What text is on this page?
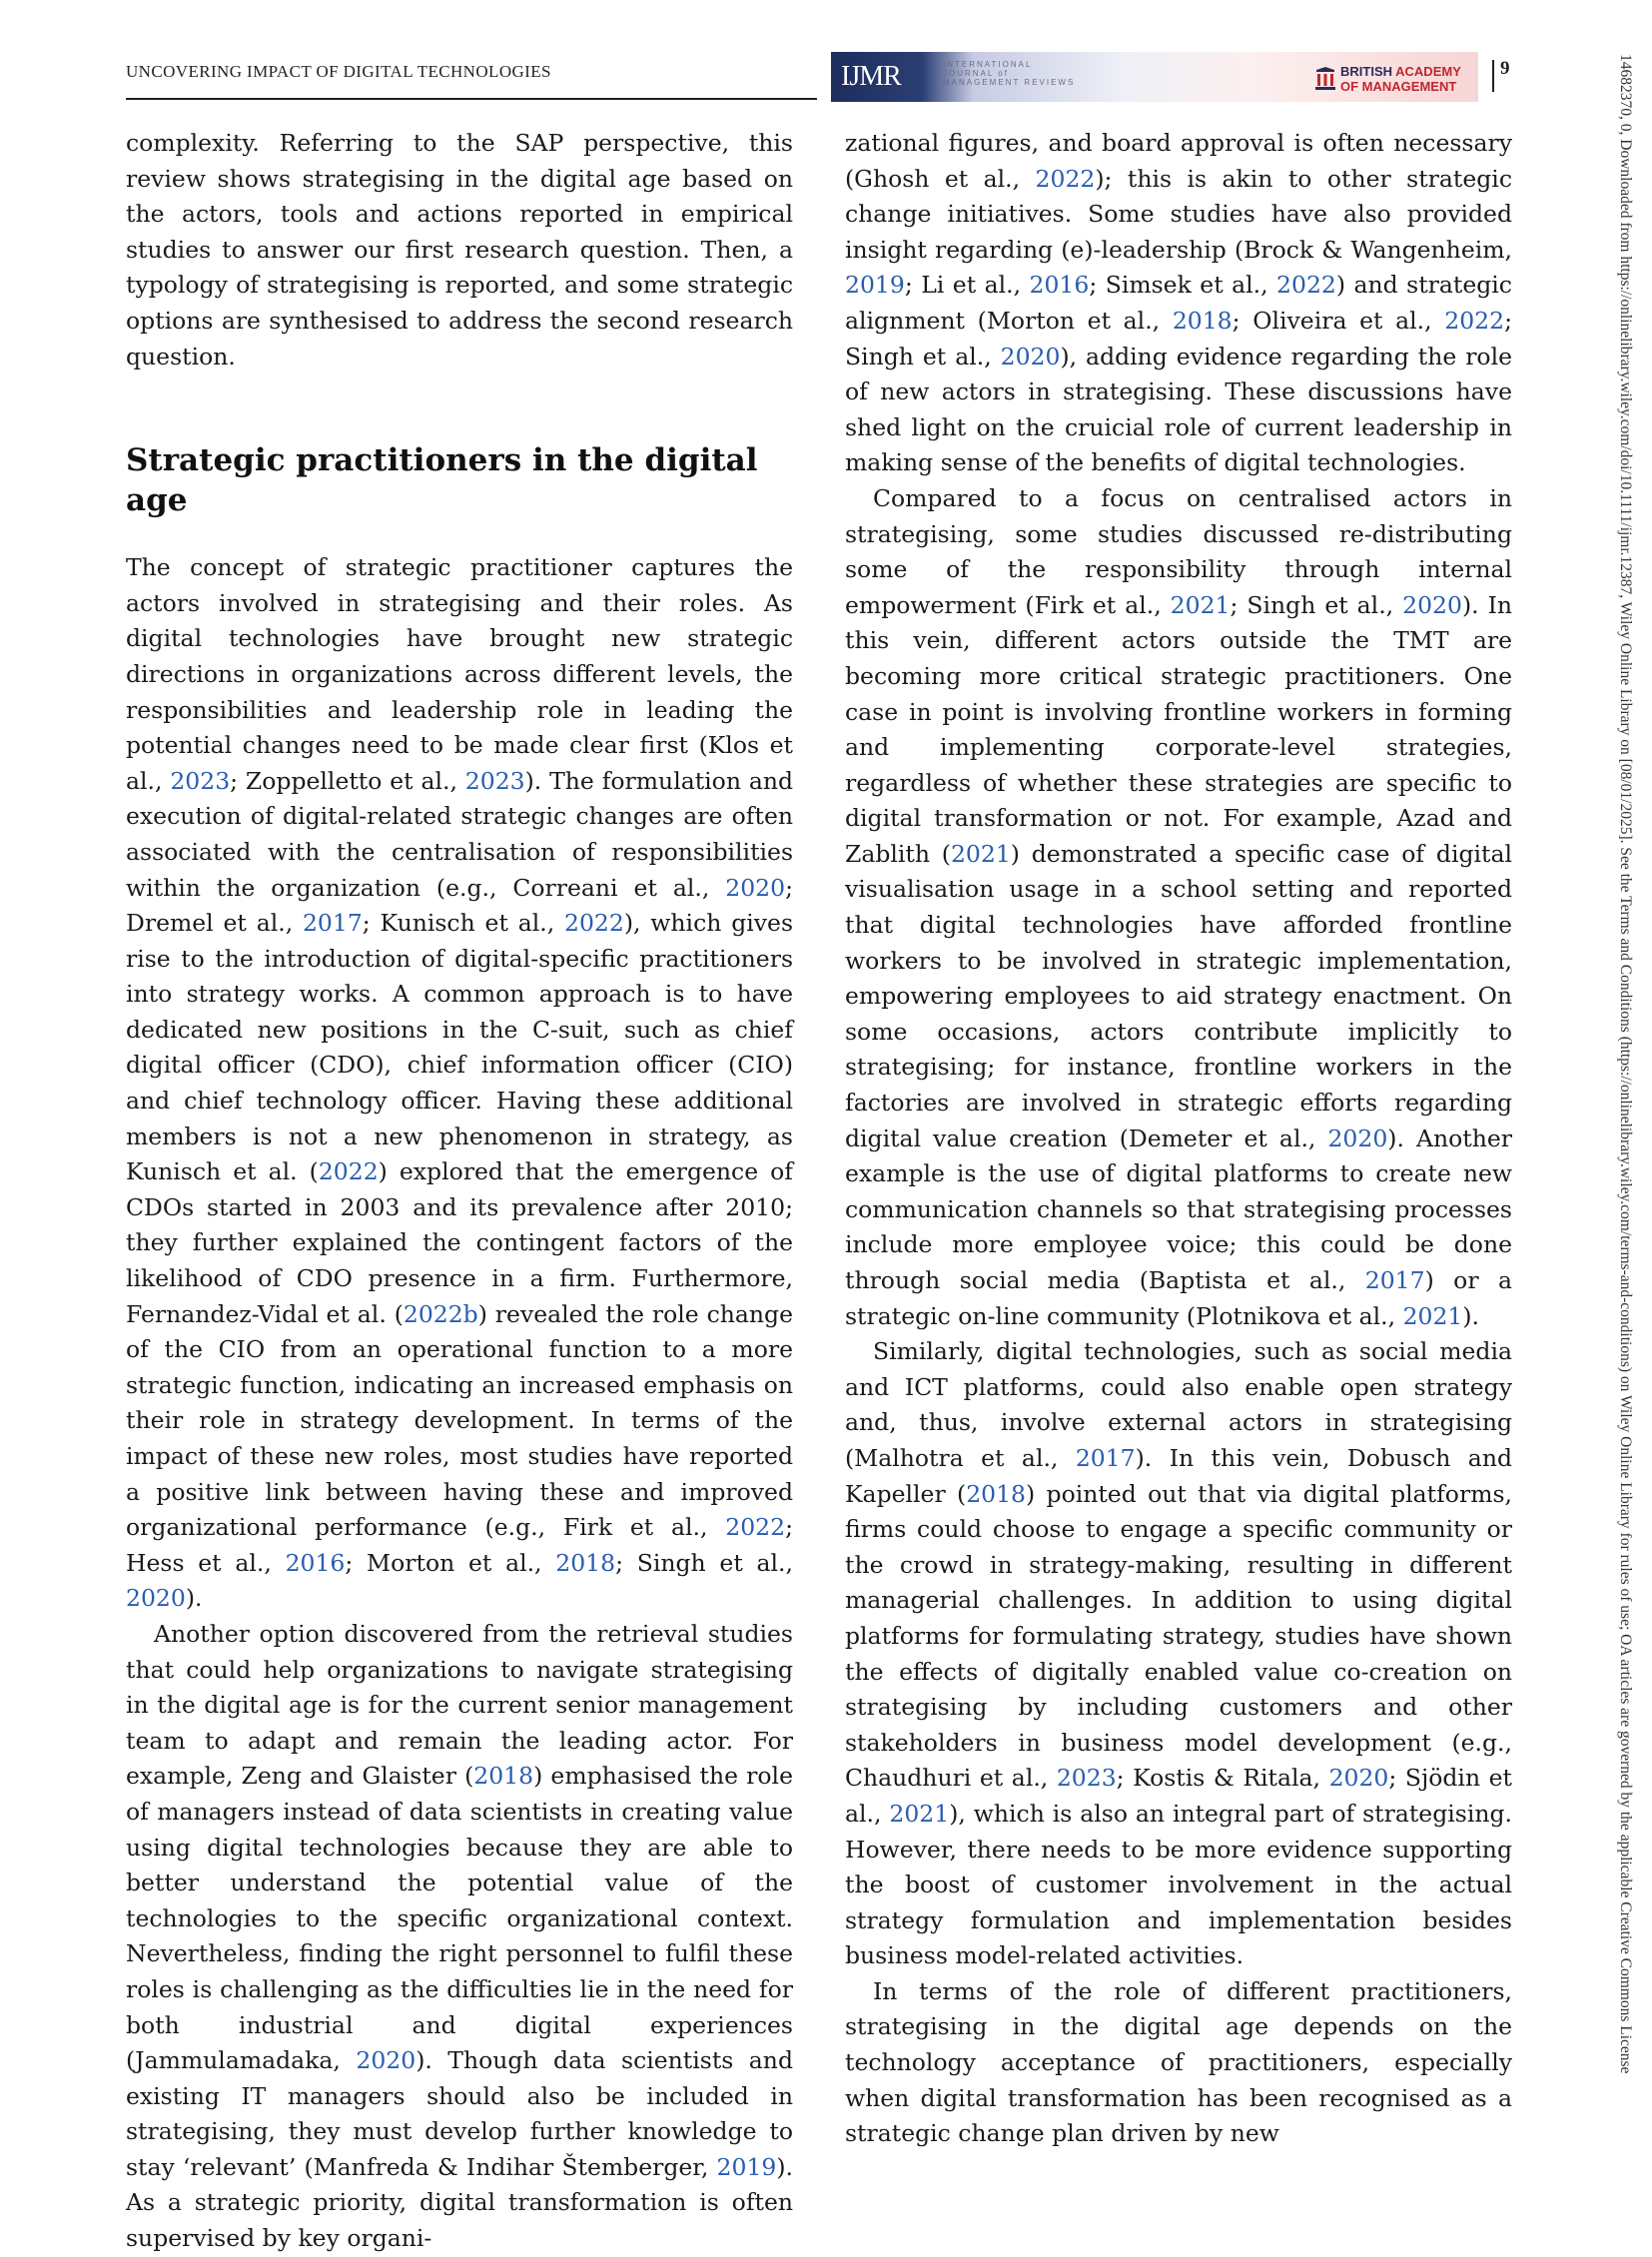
UNCOVERING IMPACT OF DIGITAL TECHNOLOGIES	IJMR	INTERNATIONAL
JOURNAL of
MANAGEMENT REVIEWS
BRITISH ACADEMY
OF MANAGEMENT
9

complexity. Referring to the SAP perspective, this review shows strategising in the digital age based on the actors, tools and actions reported in empirical studies to answer our first research question. Then, a typology of strategising is reported, and some strategic options are synthesised to address the second research question.

Strategic practitioners in the digital age

The concept of strategic practitioner captures the actors involved in strategising and their roles. As digital technologies have brought new strategic directions in organizations across different levels, the responsibilities and leadership role in leading the potential changes need to be made clear first (Klos et al., 2023; Zoppelletto et al., 2023). The formulation and execution of digital-related strategic changes are often associated with the centralisation of responsibilities within the organization (e.g., Correani et al., 2020; Dremel et al., 2017; Kunisch et al., 2022), which gives rise to the introduction of digital-specific practitioners into strategy works. A common approach is to have dedicated new positions in the C-suit, such as chief digital officer (CDO), chief information officer (CIO) and chief technology officer. Having these additional members is not a new phenomenon in strategy, as Kunisch et al. (2022) explored that the emergence of CDOs started in 2003 and its prevalence after 2010; they further explained the contingent factors of the likelihood of CDO presence in a firm. Furthermore, Fernandez-Vidal et al. (2022b) revealed the role change of the CIO from an operational function to a more strategic function, indicating an increased emphasis on their role in strategy development. In terms of the impact of these new roles, most studies have reported a positive link between having these and improved organizational performance (e.g., Firk et al., 2022; Hess et al., 2016; Morton et al., 2018; Singh et al., 2020).

Another option discovered from the retrieval studies that could help organizations to navigate strategising in the digital age is for the current senior management team to adapt and remain the leading actor. For example, Zeng and Glaister (2018) emphasised the role of managers instead of data scientists in creating value using digital technologies because they are able to better understand the potential value of the technologies to the specific organizational context. Nevertheless, finding the right personnel to fulfil these roles is challenging as the difficulties lie in the need for both industrial and digital experiences (Jammulamadaka, 2020). Though data scientists and existing IT managers should also be included in strategising, they must develop further knowledge to stay ‘relevant’ (Manfreda & Indihar Štemberger, 2019). As a strategic priority, digital transformation is often supervised by key organi-

zational figures, and board approval is often necessary (Ghosh et al., 2022); this is akin to other strategic change initiatives. Some studies have also provided insight regarding (e)-leadership (Brock & Wangenheim, 2019; Li et al., 2016; Simsek et al., 2022) and strategic alignment (Morton et al., 2018; Oliveira et al., 2022; Singh et al., 2020), adding evidence regarding the role of new actors in strategising. These discussions have shed light on the cruicial role of current leadership in making sense of the benefits of digital technologies.

Compared to a focus on centralised actors in strategising, some studies discussed re-distributing some of the responsibility through internal empowerment (Firk et al., 2021; Singh et al., 2020). In this vein, different actors outside the TMT are becoming more critical strategic practitioners. One case in point is involving frontline workers in forming and implementing corporate-level strategies, regardless of whether these strategies are specific to digital transformation or not. For example, Azad and Zablith (2021) demonstrated a specific case of digital visualisation usage in a school setting and reported that digital technologies have afforded frontline workers to be involved in strategic implementation, empowering employees to aid strategy enactment. On some occasions, actors contribute implicitly to strategising; for instance, frontline workers in the factories are involved in strategic efforts regarding digital value creation (Demeter et al., 2020). Another example is the use of digital platforms to create new communication channels so that strategising processes include more employee voice; this could be done through social media (Baptista et al., 2017) or a strategic on-line community (Plotnikova et al., 2021).

Similarly, digital technologies, such as social media and ICT platforms, could also enable open strategy and, thus, involve external actors in strategising (Malhotra et al., 2017). In this vein, Dobusch and Kapeller (2018) pointed out that via digital platforms, firms could choose to engage a specific community or the crowd in strategy-making, resulting in different managerial challenges. In addition to using digital platforms for formulating strategy, studies have shown the effects of digitally enabled value co-creation on strategising by including customers and other stakeholders in business model development (e.g., Chaudhuri et al., 2023; Kostis & Ritala, 2020; Sjödin et al., 2021), which is also an integral part of strategising. However, there needs to be more evidence supporting the boost of customer involvement in the actual strategy formulation and implementation besides business model-related activities.

In terms of the role of different practitioners, strategising in the digital age depends on the technology acceptance of practitioners, especially when digital transformation has been recognised as a strategic change plan driven by new

14682370, 0, Downloaded from https://onlinelibrary.wiley.com/doi/10.1111/ijmr.12387, Wiley Online Library on [08/01/2025]. See the Terms and Conditions (https://onlinelibrary.wiley.com/terms-and-conditions) on Wiley Online Library for rules of use; OA articles are governed by the applicable Creative Commons License
